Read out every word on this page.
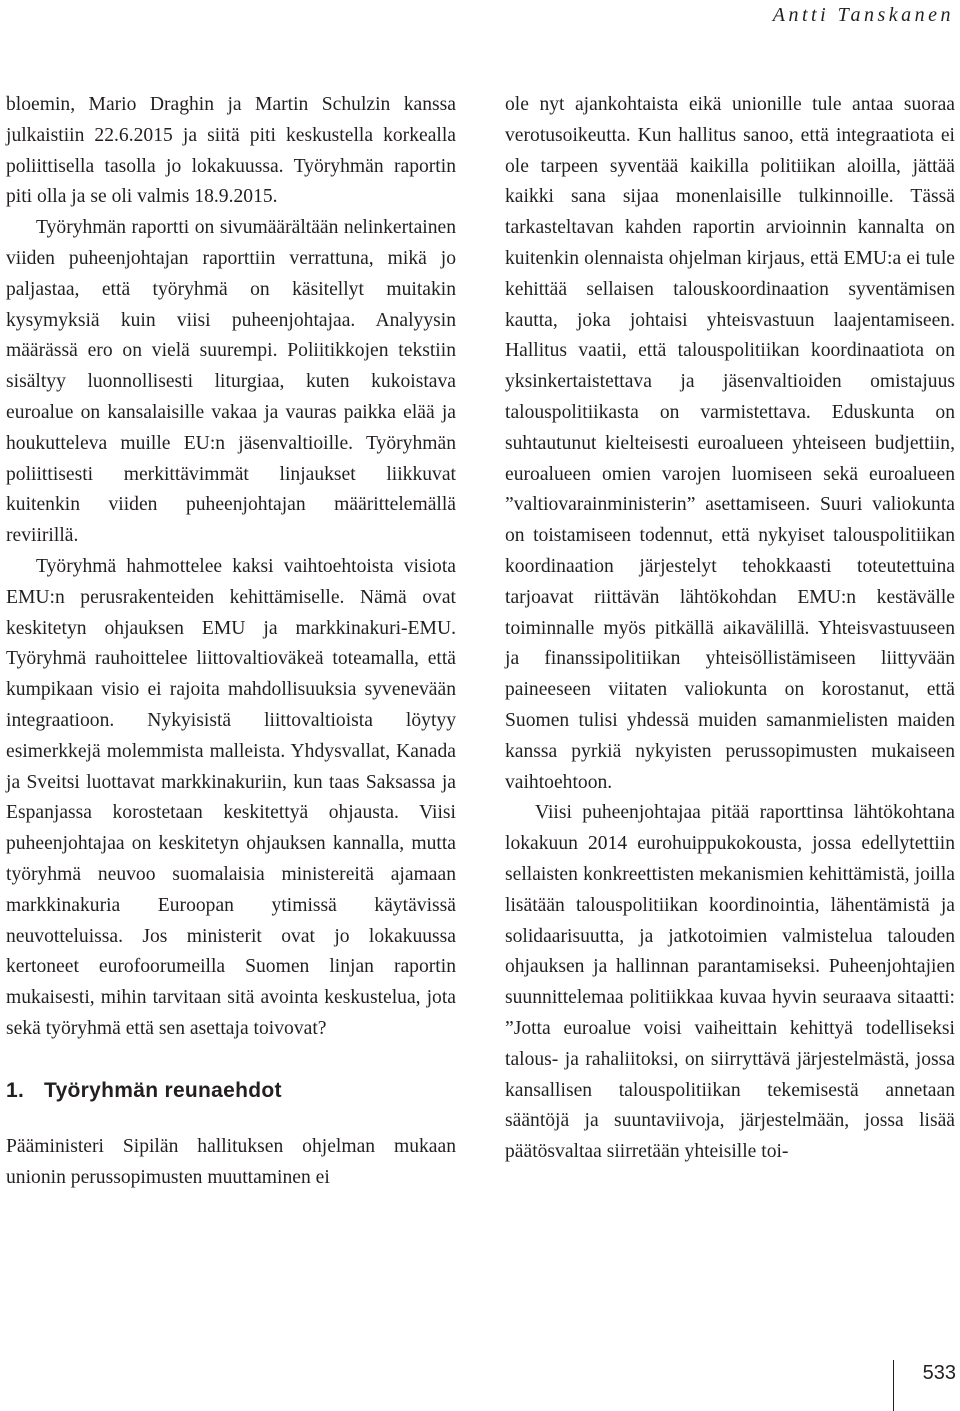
Antti Tanskanen

bloemin, Mario Draghin ja Martin Schulzin kanssa julkaistiin 22.6.2015 ja siitä piti keskustella korkealla poliittisella tasolla jo lokakuussa. Työryhmän raportin piti olla ja se oli valmis 18.9.2015.

Työryhmän raportti on sivumäärältään nelinkertainen viiden puheenjohtajan raporttiin verrattuna, mikä jo paljastaa, että työryhmä on käsitellyt muitakin kysymyksiä kuin viisi puheenjohtajaa. Analyysin määrässä ero on vielä suurempi. Poliitikkojen tekstiin sisältyy luonnollisesti liturgiaa, kuten kukoistava euroalue on kansalaisille vakaa ja vauras paikka elää ja houkutteleva muille EU:n jäsenvaltioille. Työryhmän poliittisesti merkittävimmät linjaukset liikkuvat kuitenkin viiden puheenjohtajan määrittelemällä reviirillä.

Työryhmä hahmottelee kaksi vaihtoehtoista visiota EMU:n perusrakenteiden kehittämiselle. Nämä ovat keskitetyn ohjauksen EMU ja markkinakuri-EMU. Työryhmä rauhoittelee liittovaltioväkeä toteamalla, että kumpikaan visio ei rajoita mahdollisuuksia syvenevään integraatioon. Nykyisistä liittovaltioista löytyy esimerkkejä molemmista malleista. Yhdysvallat, Kanada ja Sveitsi luottavat markkinakuriin, kun taas Saksassa ja Espanjassa korostetaan keskitettyä ohjausta. Viisi puheenjohtajaa on keskitetyn ohjauksen kannalla, mutta työryhmä neuvoo suomalaisia ministereitä ajamaan markkinakuria Euroopan ytimissä käytävissä neuvotteluissa. Jos ministerit ovat jo lokakuussa kertoneet eurofoorumeilla Suomen linjan raportin mukaisesti, mihin tarvitaan sitä avointa keskustelua, jota sekä työryhmä että sen asettaja toivovat?

1. Työryhmän reunaehdot

Pääministeri Sipilän hallituksen ohjelman mukaan unionin perussopimusten muuttaminen ei

ole nyt ajankohtaista eikä unionille tule antaa suoraa verotusoikeutta. Kun hallitus sanoo, että integraatiota ei ole tarpeen syventää kaikilla politiikan aloilla, jättää kaikki sana sijaa monenlaisille tulkinnoille. Tässä tarkasteltavan kahden raportin arvioinnin kannalta on kuitenkin olennaista ohjelman kirjaus, että EMU:a ei tule kehittää sellaisen talouskoordinaation syventämisen kautta, joka johtaisi yhteisvastuun laajentamiseen. Hallitus vaatii, että talouspolitiikan koordinaatiota on yksinkertaistettava ja jäsenvaltioiden omistajuus talouspolitiikasta on varmistettava. Eduskunta on suhtautunut kielteisesti euroalueen yhteiseen budjettiin, euroalueen omien varojen luomiseen sekä euroalueen ”valtiovarainministerin” asettamiseen. Suuri valiokunta on toistamiseen todennut, että nykyiset talouspolitiikan koordinaation järjestelyt tehokkaasti toteutettuina tarjoavat riittävän lähtökohdan EMU:n kestävälle toiminnalle myös pitkällä aikavälillä. Yhteisvastuuseen ja finanssipolitiikan yhteisöllistämiseen liittyvään paineeseen viitaten valiokunta on korostanut, että Suomen tulisi yhdessä muiden samanmielisten maiden kanssa pyrkiä nykyisten perussopimusten mukaiseen vaihtoehtoon.

Viisi puheenjohtajaa pitää raporttinsa lähtökohtana lokakuun 2014 eurohuippukokousta, jossa edellytettiin sellaisten konkreettisten mekanismien kehittämistä, joilla lisätään talouspolitiikan koordinointia, lähentämistä ja solidaarisuutta, ja jatkotoimien valmistelua talouden ohjauksen ja hallinnan parantamiseksi. Puheenjohtajien suunnittelemaa politiikkaa kuvaa hyvin seuraava sitaatti: ”Jotta euroalue voisi vaiheittain kehittyä todelliseksi talous- ja rahaliitoksi, on siirryttävä järjestelmästä, jossa kansallisen talouspolitiikan tekemisestä annetaan sääntöjä ja suuntaviivoja, järjestelmään, jossa lisää päätösvaltaa siirretään yhteisille toi-

533
